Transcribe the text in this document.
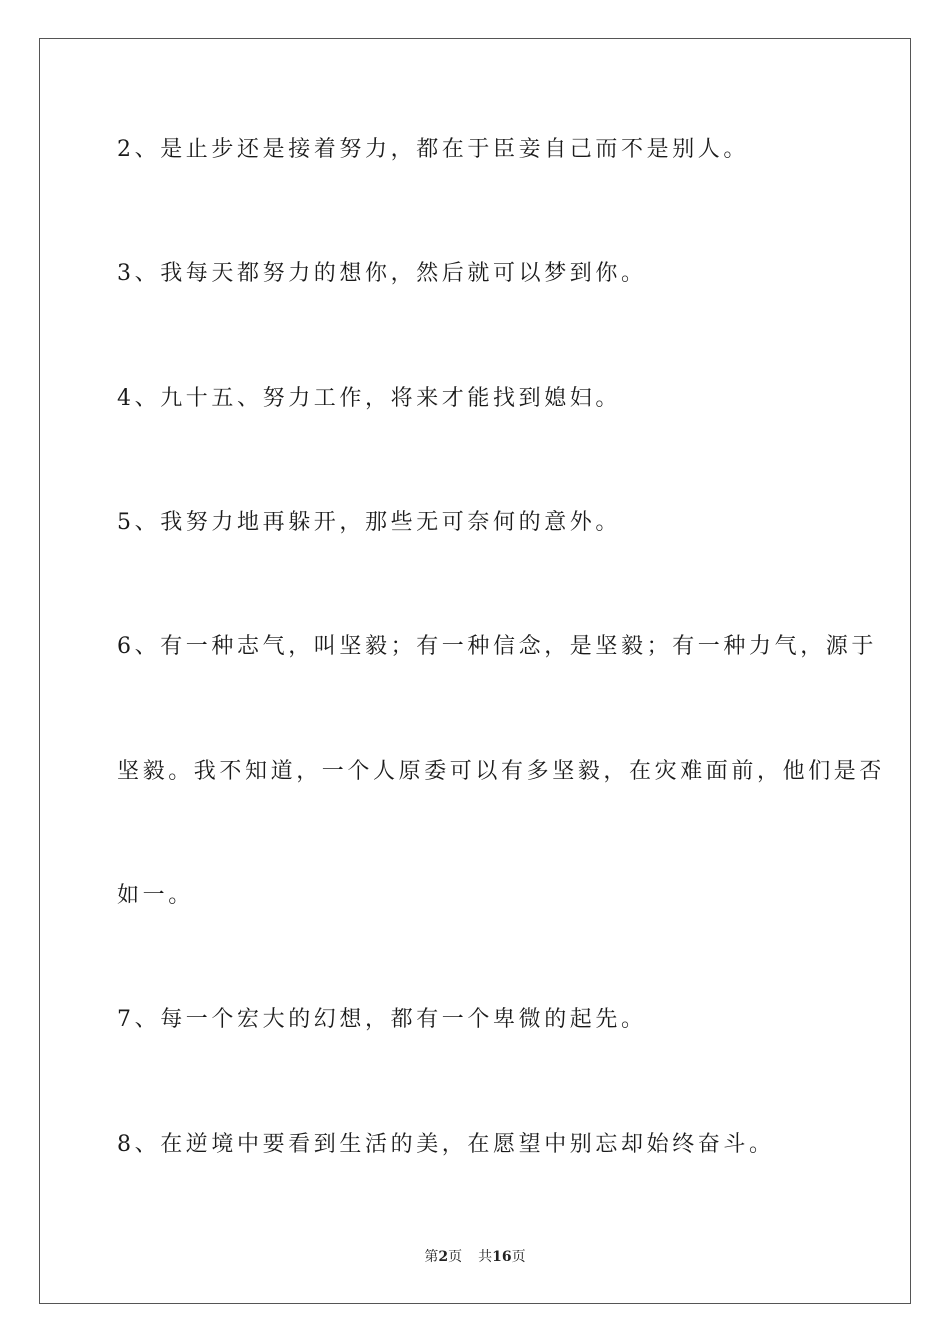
2、是止步还是接着努力，都在于臣妾自己而不是别人。
3、我每天都努力的想你，然后就可以梦到你。
4、九十五、努力工作，将来才能找到媳妇。
5、我努力地再躲开，那些无可奈何的意外。
6、有一种志气，叫坚毅；有一种信念，是坚毅；有一种力气，源于
坚毅。我不知道，一个人原委可以有多坚毅，在灾难面前，他们是否
如一。
7、每一个宏大的幻想，都有一个卑微的起先。
8、在逆境中要看到生活的美，在愿望中别忘却始终奋斗。
第2页 共16页
